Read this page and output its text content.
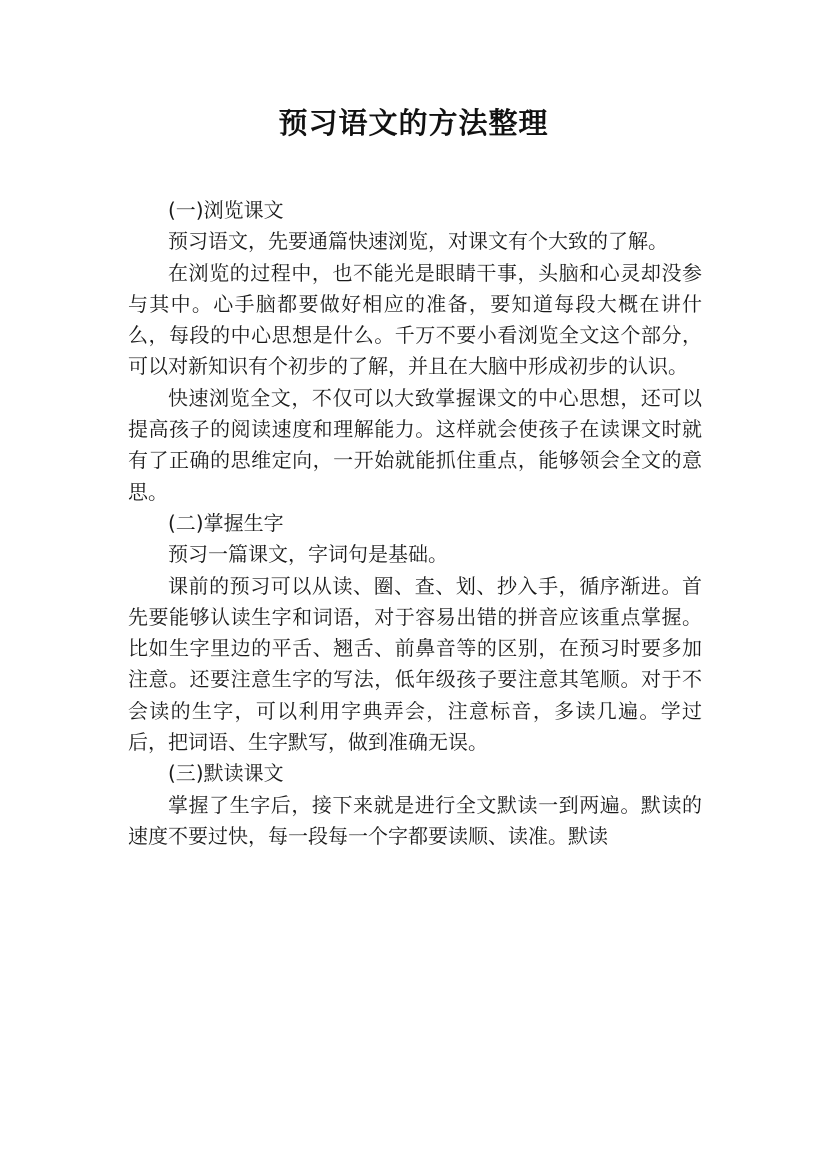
预习语文的方法整理

(一)浏览课文

预习语文，先要通篇快速浏览，对课文有个大致的了解。

在浏览的过程中，也不能光是眼睛干事，头脑和心灵却没参与其中。心手脑都要做好相应的准备，要知道每段大概在讲什么，每段的中心思想是什么。千万不要小看浏览全文这个部分，可以对新知识有个初步的了解，并且在大脑中形成初步的认识。

快速浏览全文，不仅可以大致掌握课文的中心思想，还可以提高孩子的阅读速度和理解能力。这样就会使孩子在读课文时就有了正确的思维定向，一开始就能抓住重点，能够领会全文的意思。

(二)掌握生字

预习一篇课文，字词句是基础。

课前的预习可以从读、圈、查、划、抄入手，循序渐进。首先要能够认读生字和词语，对于容易出错的拼音应该重点掌握。比如生字里边的平舌、翘舌、前鼻音等的区别，在预习时要多加注意。还要注意生字的写法，低年级孩子要注意其笔顺。对于不会读的生字，可以利用字典弄会，注意标音，多读几遍。学过后，把词语、生字默写，做到准确无误。

(三)默读课文

掌握了生字后，接下来就是进行全文默读一到两遍。默读的速度不要过快，每一段每一个字都要读顺、读准。默读
